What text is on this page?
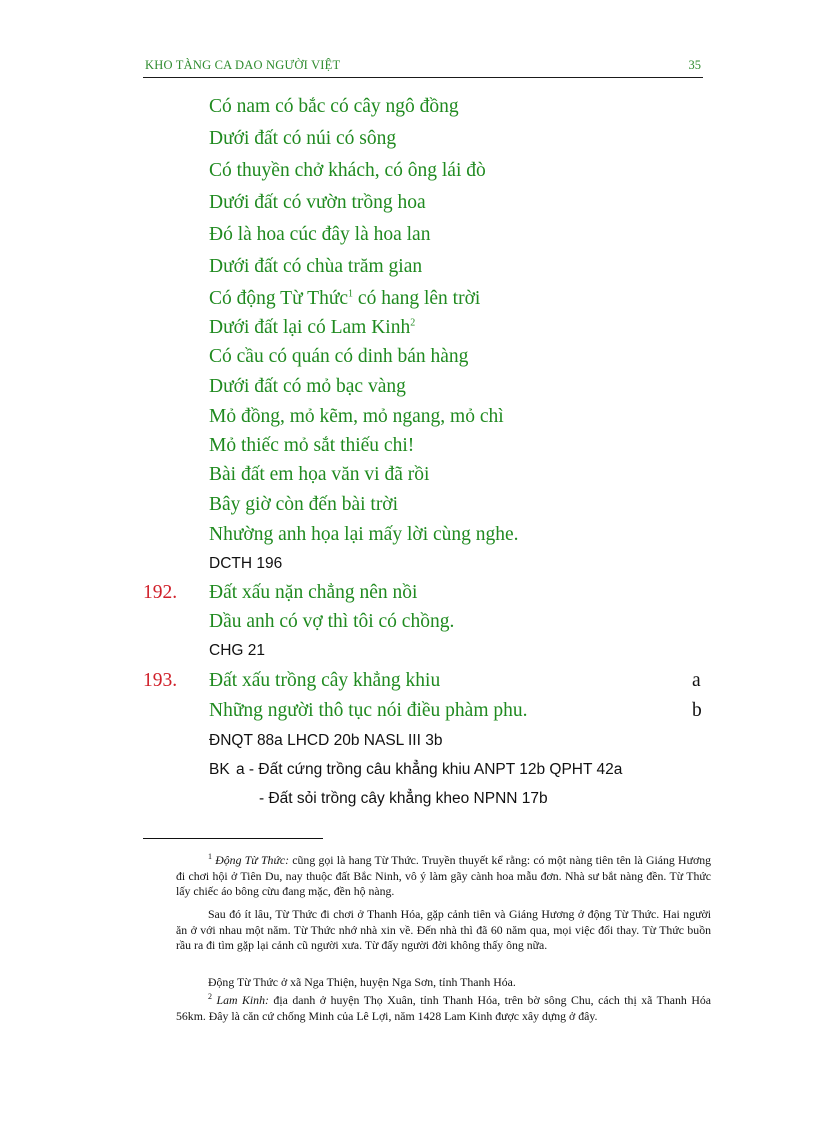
KHO TÀNG CA DAO NGƯỜI VIỆT	35
Có nam có bắc có cây ngô đồng
Dưới đất có núi có sông
Có thuyền chở khách, có ông lái đò
Dưới đất có vườn trồng hoa
Đó là hoa cúc đây là hoa lan
Dưới đất có chùa trăm gian
Có động Từ Thức$^1$ có hang lên trời
Dưới đất lại có Lam Kinh$^2$
Có cầu có quán có dinh bán hàng
Dưới đất có mỏ bạc vàng
Mỏ đồng, mỏ kẽm, mỏ ngang, mỏ chì
Mỏ thiếc mỏ sắt thiếu chi!
Bài đất em họa văn vi đã rồi
Bây giờ còn đến bài trời
Nhường anh họa lại mấy lời cùng nghe.
DCTH 196
192. Đất xấu nặn chẳng nên nồi
Dầu anh có vợ thì tôi có chồng.
CHG 21
193. Đất xấu trồng cây khẳng khiu	a
Những người thô tục nói điều phàm phu.	b
ĐNQT 88a LHCD 20b NASL III 3b
BK a - Đất cứng trồng câu khẳng khiu ANPT 12b QPHT 42a
- Đất sỏi trồng cây khẳng kheo NPNN 17b
$^1$ Động Từ Thức: cũng gọi là hang Từ Thức. Truyền thuyết kể rằng: có một nàng tiên tên là Giáng Hương đi chơi hội ở Tiên Du, nay thuộc đất Bắc Ninh, vô ý làm gãy cành hoa mẫu đơn. Nhà sư bắt nàng đền. Từ Thức lấy chiếc áo bông cừu đang mặc, đền hộ nàng.
Sau đó ít lâu, Từ Thức đi chơi ở Thanh Hóa, gặp cảnh tiên và Giáng Hương ở động Từ Thức. Hai người ăn ở với nhau một năm. Từ Thức nhớ nhà xin về. Đến nhà thì đã 60 năm qua, mọi việc đổi thay. Từ Thức buồn rầu ra đi tìm gặp lại cảnh cũ người xưa. Từ đấy người đời không thấy ông nữa.
Động Từ Thức ở xã Nga Thiện, huyện Nga Sơn, tỉnh Thanh Hóa.
$^2$ Lam Kinh: địa danh ở huyện Thọ Xuân, tỉnh Thanh Hóa, trên bờ sông Chu, cách thị xã Thanh Hóa 56km. Đây là căn cứ chống Minh của Lê Lợi, năm 1428 Lam Kinh được xây dựng ở đây.
